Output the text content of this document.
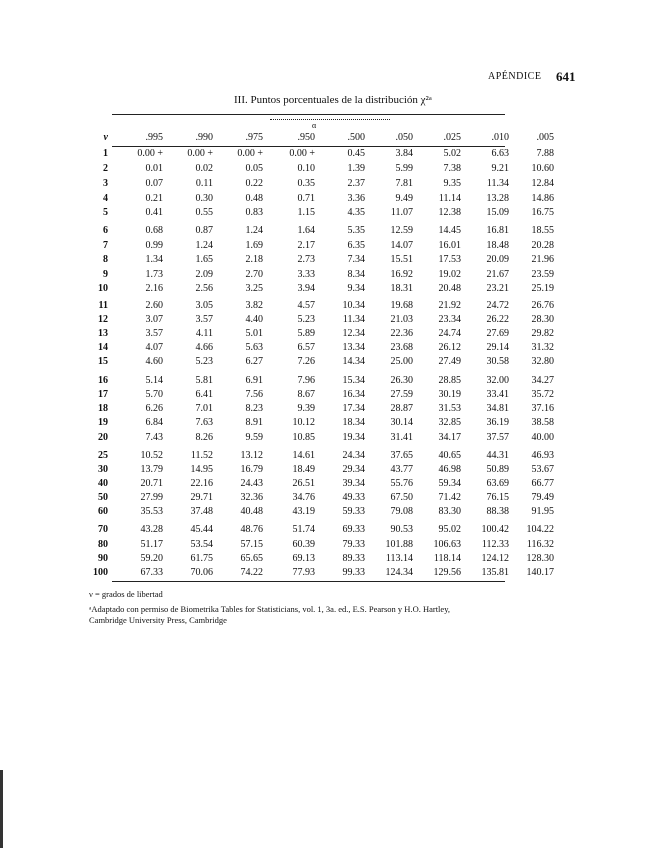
APÉNDICE 641
III. Puntos porcentuales de la distribución χ²ᵃ
α
ν	.995	.990	.975	.950	.500	.050	.025	.010	.005
1	0.00 +	0.00 +	0.00 +	0.00 +	0.45	3.84	5.02	6.63	7.88
2	0.01	0.02	0.05	0.10	1.39	5.99	7.38	9.21	10.60
3	0.07	0.11	0.22	0.35	2.37	7.81	9.35	11.34	12.84
4	0.21	0.30	0.48	0.71	3.36	9.49	11.14	13.28	14.86
5	0.41	0.55	0.83	1.15	4.35	11.07	12.38	15.09	16.75
6	0.68	0.87	1.24	1.64	5.35	12.59	14.45	16.81	18.55
7	0.99	1.24	1.69	2.17	6.35	14.07	16.01	18.48	20.28
8	1.34	1.65	2.18	2.73	7.34	15.51	17.53	20.09	21.96
9	1.73	2.09	2.70	3.33	8.34	16.92	19.02	21.67	23.59
10	2.16	2.56	3.25	3.94	9.34	18.31	20.48	23.21	25.19
11	2.60	3.05	3.82	4.57	10.34	19.68	21.92	24.72	26.76
12	3.07	3.57	4.40	5.23	11.34	21.03	23.34	26.22	28.30
13	3.57	4.11	5.01	5.89	12.34	22.36	24.74	27.69	29.82
14	4.07	4.66	5.63	6.57	13.34	23.68	26.12	29.14	31.32
15	4.60	5.23	6.27	7.26	14.34	25.00	27.49	30.58	32.80
16	5.14	5.81	6.91	7.96	15.34	26.30	28.85	32.00	34.27
17	5.70	6.41	7.56	8.67	16.34	27.59	30.19	33.41	35.72
18	6.26	7.01	8.23	9.39	17.34	28.87	31.53	34.81	37.16
19	6.84	7.63	8.91	10.12	18.34	30.14	32.85	36.19	38.58
20	7.43	8.26	9.59	10.85	19.34	31.41	34.17	37.57	40.00
25	10.52	11.52	13.12	14.61	24.34	37.65	40.65	44.31	46.93
30	13.79	14.95	16.79	18.49	29.34	43.77	46.98	50.89	53.67
40	20.71	22.16	24.43	26.51	39.34	55.76	59.34	63.69	66.77
50	27.99	29.71	32.36	34.76	49.33	67.50	71.42	76.15	79.49
60	35.53	37.48	40.48	43.19	59.33	79.08	83.30	88.38	91.95
70	43.28	45.44	48.76	51.74	69.33	90.53	95.02	100.42	104.22
80	51.17	53.54	57.15	60.39	79.33	101.88	106.63	112.33	116.32
90	59.20	61.75	65.65	69.13	89.33	113.14	118.14	124.12	128.30
100	67.33	70.06	74.22	77.93	99.33	124.34	129.56	135.81	140.17
ν = grados de libertad
ᵃAdaptado con permiso de Biometrika Tables for Statisticians, vol. 1, 3a. ed., E.S. Pearson y H.O. Hartley,
Cambridge University Press, Cambridge
